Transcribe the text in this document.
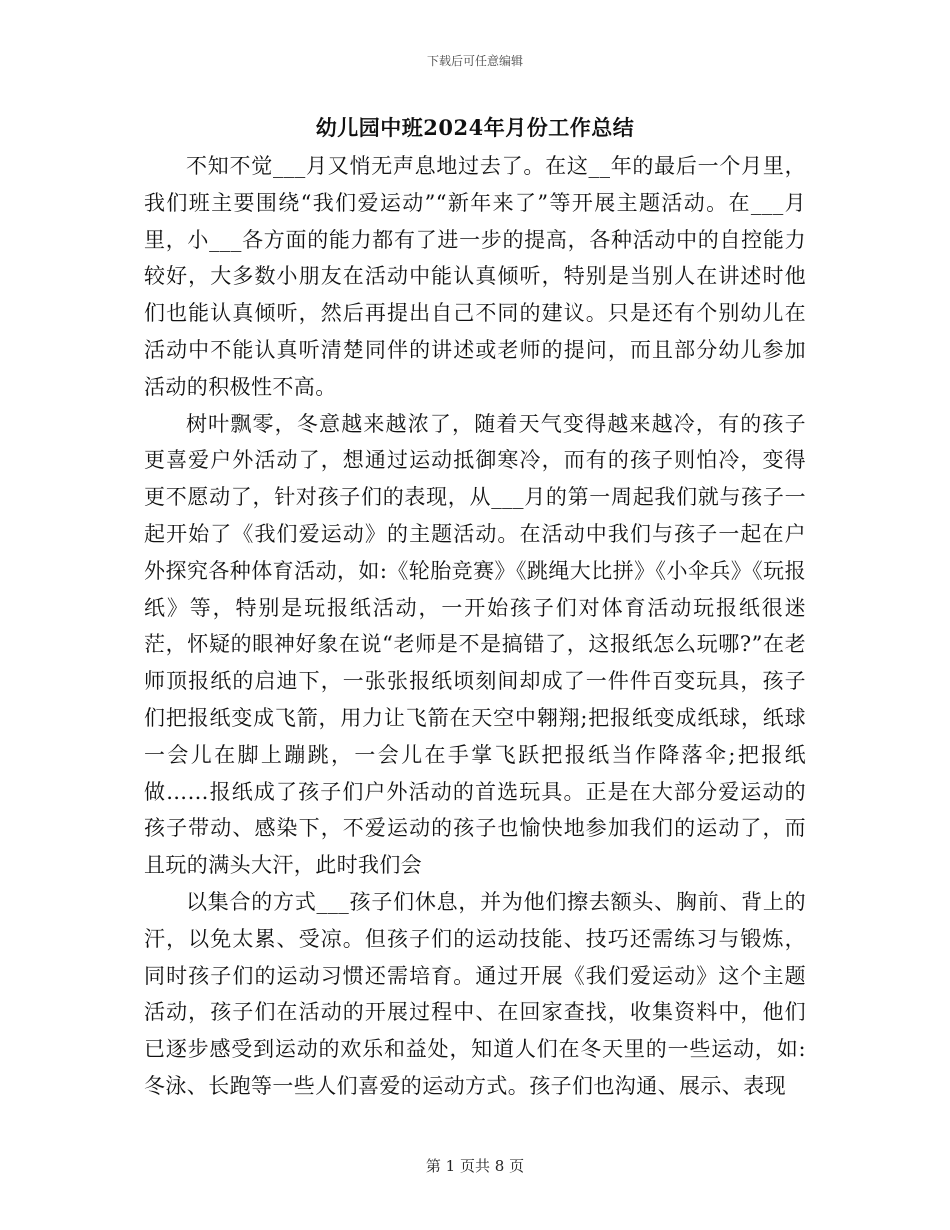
下载后可任意编辑
幼儿园中班2024年月份工作总结

不知不觉___月又悄无声息地过去了。在这__年的最后一个月里，我们班主要围绕“我们爱运动”“新年来了”等开展主题活动。在___月里，小___各方面的能力都有了进一步的提高，各种活动中的自控能力较好，大多数小朋友在活动中能认真倾听，特别是当别人在讲述时他们也能认真倾听，然后再提出自己不同的建议。只是还有个别幼儿在活动中不能认真听清楚同伴的讲述或老师的提问，而且部分幼儿参加活动的积极性不高。

树叶飘零，冬意越来越浓了，随着天气变得越来越冷，有的孩子更喜爱户外活动了，想通过运动抵御寒冷，而有的孩子则怕冷，变得更不愿动了，针对孩子们的表现，从___月的第一周起我们就与孩子一起开始了《我们爱运动》的主题活动。在活动中我们与孩子一起在户外探究各种体育活动，如:《轮胎竞赛》《跳绳大比拼》《小伞兵》《玩报纸》等，特别是玩报纸活动，一开始孩子们对体育活动玩报纸很迷茫，怀疑的眼神好象在说“老师是不是搞错了，这报纸怎么玩哪?”在老师顶报纸的启迪下，一张张报纸顷刻间却成了一件件百变玩具，孩子们把报纸变成飞箭，用力让飞箭在天空中翱翔;把报纸变成纸球，纸球一会儿在脚上蹦跳，一会儿在手掌飞跃把报纸当作降落伞;把报纸做……报纸成了孩子们户外活动的首选玩具。正是在大部分爱运动的孩子带动、感染下，不爱运动的孩子也愉快地参加我们的运动了，而且玩的满头大汗，此时我们会

以集合的方式___孩子们休息，并为他们擦去额头、胸前、背上的汗，以免太累、受凉。但孩子们的运动技能、技巧还需练习与锻炼，同时孩子们的运动习惯还需培育。通过开展《我们爱运动》这个主题活动，孩子们在活动的开展过程中、在回家查找，收集资料中，他们已逐步感受到运动的欢乐和益处，知道人们在冬天里的一些运动，如:冬泳、长跑等一些人们喜爱的运动方式。孩子们也沟通、展示、表现

第 1 页共 8 页
